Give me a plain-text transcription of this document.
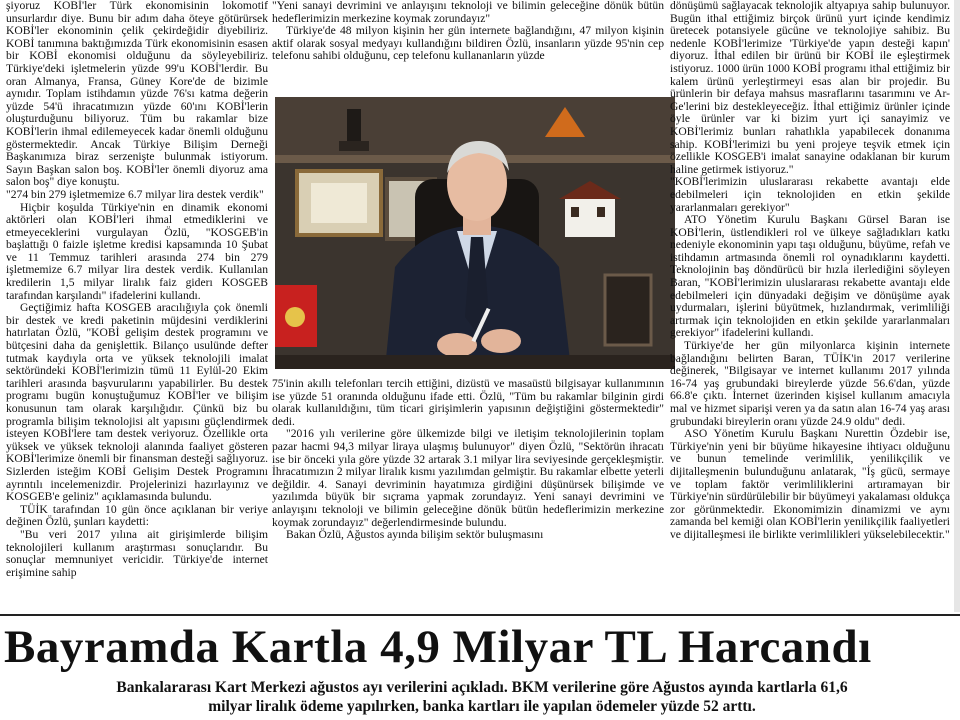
şiyoruz KOBİ'ler Türk ekonomisinin lokomotif unsurlardır diye. Bunu bir adım daha öteye götürürsek KOBİ'ler ekonominin çelik çekirdeğidir diyebiliriz. KOBİ tanımına baktığımızda Türk ekonomisinin esasen bir KOBİ ekonomisi olduğunu da söyleyebiliriz. Türkiye'deki işletmelerin yüzde 99'u KOBİ'lerdir. Bu oran Almanya, Fransa, Güney Kore'de de bizimle aynıdır. Toplam istihdamın yüzde 76'sı katma değerin yüzde 54'ü ihracatımızın yüzde 60'ını KOBİ'lerin oluşturduğunu biliyoruz. Tüm bu rakamlar bize KOBİ'lerin ihmal edilemeyecek kadar önemli olduğunu göstermektedir. Ancak Türkiye Bilişim Derneği Başkanımıza biraz serzenişte bulunmak istiyorum. Sayın Başkan salon boş. KOBİ'ler önemli diyoruz ama salon boş" diye konuştu.

"274 bin 279 işletmemize 6.7 milyar lira destek verdik"

Hiçbir koşulda Türkiye'nin en dinamik ekonomi aktörleri olan KOBİ'leri ihmal etmediklerini ve etmeyeceklerini vurgulayan Özlü, "KOSGEB'in başlattığı 0 faizle işletme kredisi kapsamında 10 Şubat ve 11 Temmuz tarihleri arasında 274 bin 279 işletmemize 6.7 milyar lira destek verdik. Kullanılan kredilerin 1,5 milyar liralık faiz giderı KOSGEB tarafından karşılandı" ifadelerini kullandı.

Geçtiğimiz hafta KOSGEB aracılığıyla çok önemli bir destek ve kredi paketinin müjdesini verdiklerini hatırlatan Özlü, "KOBİ gelişim destek programını ve bütçesini daha da genişlettik. Bilanço usulünde defter tutmak kaydıyla orta ve yüksek teknolojili imalat sektöründeki KOBİ'lerimizin tümü 11 Eylül-20 Ekim tarihleri arasında başvurularını yapabilirler. Bu destek programı bugün konuştuğumuz KOBİ'ler ve bilişim konusunun tam olarak karşılığıdır. Çünkü biz bu programla bilişim teknolojisi alt yapısını güçlendirmek isteyen KOBİ'lere tam destek veriyoruz. Özellikle orta yüksek ve yüksek teknoloji alanında faaliyet gösteren KOBİ'lerimize önemli bir finansman desteği sağlıyoruz. Sizlerden isteğim KOBİ Gelişim Destek Programını ayrıntılı incelemenizdir. Projelerinizi hazırlayınız ve KOSGEB'e geliniz" açıklamasında bulundu.

TÜİK tarafından 10 gün önce açıklanan bir veriye değinen Özlü, şunları kaydetti:

"Bu veri 2017 yılına ait girişimlerde bilişim teknolojileri kullanım araştırması sonuçlarıdır. Bu sonuçlar memnuniyet vericidir. Türkiye'de internet erişimine sahip

"Yeni sanayi devrimini ve anlayışını teknoloji ve bilimin geleceğine dönük bütün hedeflerimizin merkezine koymak zorundayız"

Türkiye'de 48 milyon kişinin her gün internete bağlandığını, 47 milyon kişinin aktif olarak sosyal medyayı kullandığını bildiren Özlü, insanların yüzde 95'nin cep telefonu sahibi olduğunu, cep telefonu kullananların yüzde

75'inin akıllı telefonları tercih ettiğini, dizüstü ve masaüstü bilgisayar kullanımının ise yüzde 51 oranında olduğunu ifade etti. Özlü, "Tüm bu rakamlar bilginin girdi olarak kullanıldığını, tüm ticari girişimlerin yapısının değiştiğini göstermektedir" dedi.

"2016 yılı verilerine göre ülkemizde bilgi ve iletişim teknolojilerinin toplam pazar hacmi 94,3 milyar liraya ulaşmış bulunuyor" diyen Özlü, "Sektörün ihracatı ise bir önceki yıla göre yüzde 32 artarak 3.1 milyar lira seviyesinde gerçekleşmiştir. İhracatımızın 2 milyar liralık kısmı yazılımdan gelmiştir. Bu rakamlar elbette yeterli değildir. 4. Sanayi devriminin hayatımıza girdiğini düşünürsek bilişimde ve yazılımda büyük bir sıçrama yapmak zorundayız. Yeni sanayi devrimini ve anlayışını teknoloji ve bilimin geleceğine dönük bütün hedeflerimizin merkezine koymak zorundayız" değerlendirmesinde bulundu.

Bakan Özlü, Ağustos ayında bilişim sektör buluşmasını

dönüşümü sağlayacak teknolojik altyapıya sahip bulunuyor. Bugün ithal ettiğimiz birçok ürünü yurt içinde kendimiz üretecek potansiyele gücüne ve teknolojiye sahibiz. Bu nedenle KOBİ'lerimize 'Türkiye'de yapın desteği kapın' diyoruz. İthal edilen bir ürünü bir KOBİ ile eşleştirmek istiyoruz. 1000 ürün 1000 KOBİ programı ithal ettiğimiz bir kalem ürünü yerleştirmeyi esas alan bir projedir. Bu ürünlerin bir defaya mahsus masraflarını tasarımını ve Ar-Ge'lerini biz destekleyeceğiz. İthal ettiğimiz ürünler içinde öyle ürünler var ki bizim yurt içi sanayimiz ve KOBİ'lerimiz bunları rahatlıkla yapabilecek donanıma sahip. KOBİ'lerimizi bu yeni projeye teşvik etmek için özellikle KOSGEB'i imalat sanayine odaklanan bir kurum haline getirmek istiyoruz."

"KOBİ'lerimizin uluslararası rekabette avantajı elde edebilmeleri için teknolojiden en etkin şekilde yararlanmaları gerekiyor"

ATO Yönetim Kurulu Başkanı Gürsel Baran ise KOBİ'lerin, üstlendikleri rol ve ülkeye sağladıkları katkı nedeniyle ekonominin yapı taşı olduğunu, büyüme, refah ve istihdamın artmasında önemli rol oynadıklarını kaydetti. Teknolojinin baş döndürücü bir hızla ilerlediğini söyleyen Baran, "KOBİ'lerimizin uluslararası rekabette avantajı elde edebilmeleri için dünyadaki değişim ve dönüşüme ayak uydurmaları, işlerini büyütmek, hızlandırmak, verimliliği artırmak için teknolojiden en etkin şekilde yararlanmaları gerekiyor" ifadelerini kullandı.

Türkiye'de her gün milyonlarca kişinin internete bağlandığını belirten Baran, TÜİK'in 2017 verilerine değinerek, "Bilgisayar ve internet kullanımı 2017 yılında 16-74 yaş grubundaki bireylerde yüzde 56.6'dan, yüzde 66.8'e çıktı. İnternet üzerinden kişisel kullanım amacıyla mal ve hizmet siparişi veren ya da satın alan 16-74 yaş arası grubundaki bireylerin oranı yüzde 24.9 oldu" dedi.

ASO Yönetim Kurulu Başkanı Nurettin Özdebir ise, Türkiye'nin yeni bir büyüme hikayesine ihtiyacı olduğunu ve bunun temelinde verimlilik, yenilikçilik ve dijitalleşmenin bulunduğunu anlatarak, "İş gücü, sermaye ve toplam faktör verimliliklerini artıramayan bir Türkiye'nin sürdürülebilir bir büyümeyi yakalaması oldukça zor görünmektedir. Ekonomimizin dinamizmi ve aynı zamanda bel kemiği olan KOBİ'lerin yenilikçilik faaliyetleri ve dijitalleşmesi ile birlikte verimlilikleri yükselebilecektir."

Bayramda Kartla 4,9 Milyar TL Harcandı
Bankalararası Kart Merkezi ağustos ayı verilerini açıkladı. BKM verilerine göre Ağustos ayında kartlarla 61,6
milyar liralık ödeme yapılırken, banka kartları ile yapılan ödemeler yüzde 52 arttı.
